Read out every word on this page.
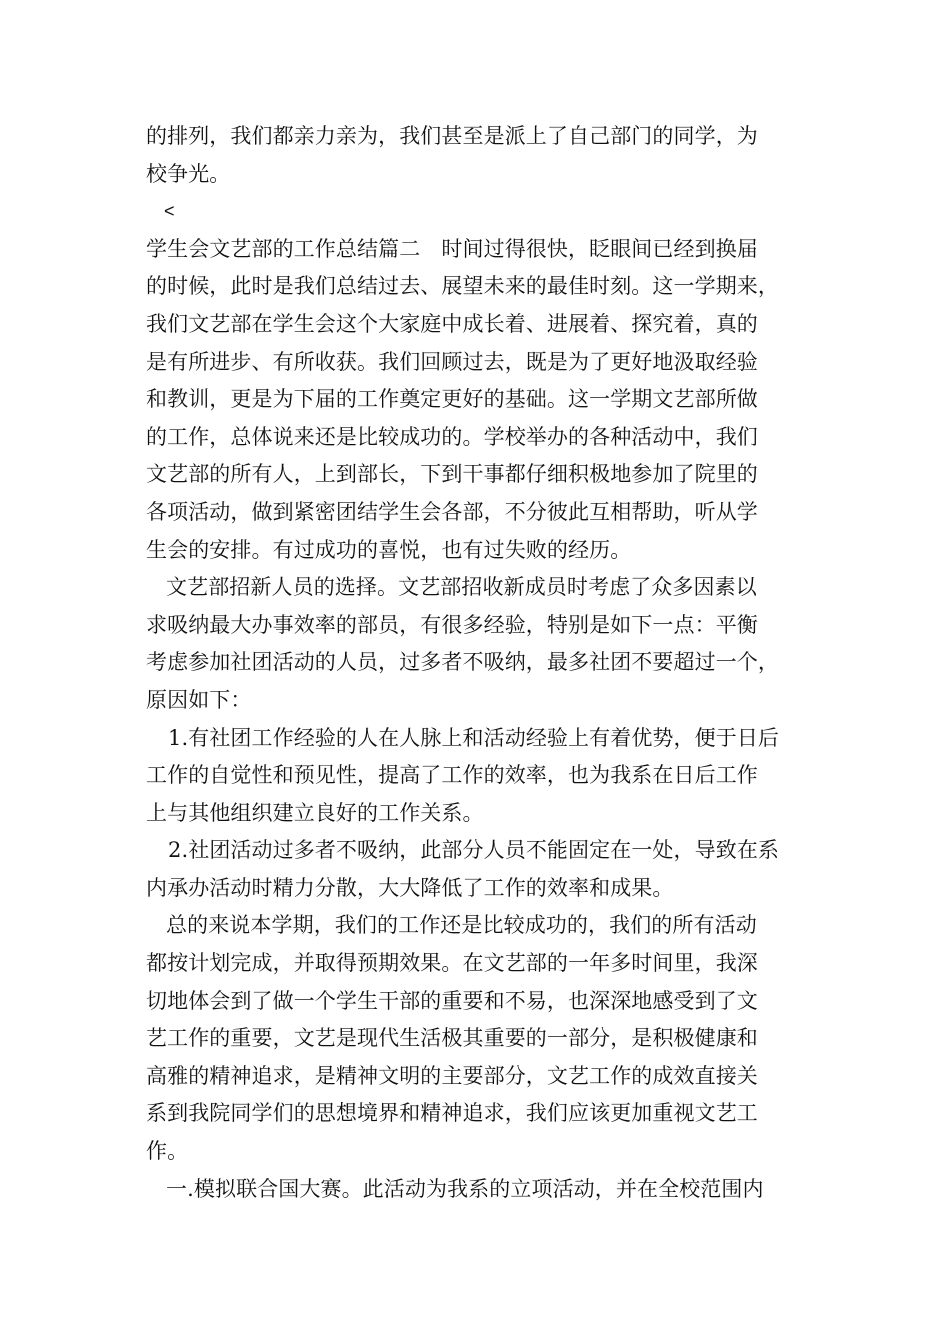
的排列，我们都亲力亲为，我们甚至是派上了自己部门的同学，为
校争光。
<
学生会文艺部的工作总结篇二　时间过得很快，眨眼间已经到换届
的时候，此时是我们总结过去、展望未来的最佳时刻。这一学期来，
我们文艺部在学生会这个大家庭中成长着、进展着、探究着，真的
是有所进步、有所收获。我们回顾过去，既是为了更好地汲取经验
和教训，更是为下届的工作奠定更好的基础。这一学期文艺部所做
的工作，总体说来还是比较成功的。学校举办的各种活动中，我们
文艺部的所有人，上到部长，下到干事都仔细积极地参加了院里的
各项活动，做到紧密团结学生会各部，不分彼此互相帮助，听从学
生会的安排。有过成功的喜悦，也有过失败的经历。
文艺部招新人员的选择。文艺部招收新成员时考虑了众多因素以
求吸纳最大办事效率的部员，有很多经验，特别是如下一点：平衡
考虑参加社团活动的人员，过多者不吸纳，最多社团不要超过一个，
原因如下：
1.有社团工作经验的人在人脉上和活动经验上有着优势，便于日后
工作的自觉性和预见性，提高了工作的效率，也为我系在日后工作
上与其他组织建立良好的工作关系。
2.社团活动过多者不吸纳，此部分人员不能固定在一处，导致在系
内承办活动时精力分散，大大降低了工作的效率和成果。
总的来说本学期，我们的工作还是比较成功的，我们的所有活动
都按计划完成，并取得预期效果。在文艺部的一年多时间里，我深
切地体会到了做一个学生干部的重要和不易，也深深地感受到了文
艺工作的重要，文艺是现代生活极其重要的一部分，是积极健康和
高雅的精神追求，是精神文明的主要部分，文艺工作的成效直接关
系到我院同学们的思想境界和精神追求，我们应该更加重视文艺工
作。
一.模拟联合国大赛。此活动为我系的立项活动，并在全校范围内
